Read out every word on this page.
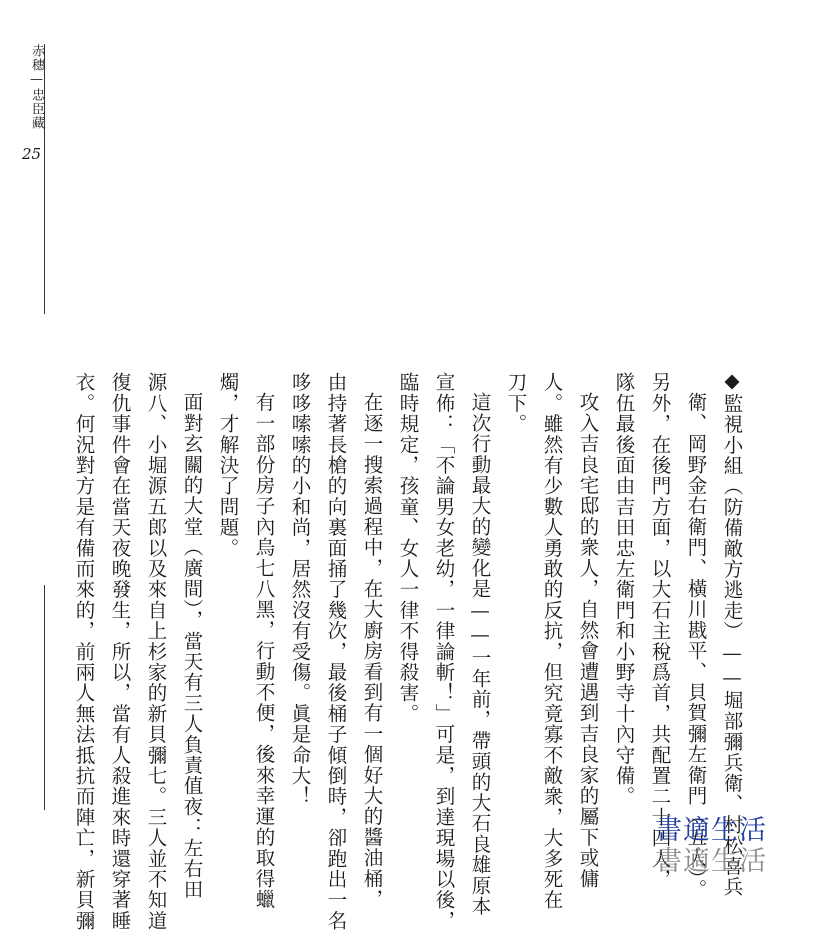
赤穗—忠臣藏
25
◆監視小組（防備敵方逃走）——堀部彌兵衛、村松喜兵
衛、岡野金右衛門、橫川戡平、貝賀彌左衛門（五人）。
另外，在後門方面，以大石主稅爲首，共配置二十四人，
隊伍最後面由吉田忠左衛門和小野寺十內守備。
攻入吉良宅邸的衆人，自然會遭遇到吉良家的屬下或傭
人。雖然有少數人勇敢的反抗，但究竟寡不敵衆，大多死在
刀下。
這次行動最大的變化是——一年前，帶頭的大石良雄原本
宣佈：「不論男女老幼，一律論斬！」可是，到達現場以後，
臨時規定，孩童、女人一律不得殺害。
在逐一搜索過程中，在大廚房看到有一個好大的醬油桶，
由持著長槍的向裏面捅了幾次，最後桶子傾倒時，卻跑出一名
哆哆嗦嗦的小和尚，居然沒有受傷。眞是命大！
有一部份房子內烏七八黑，行動不便，後來幸運的取得蠟
燭，才解決了問題。
面對玄關的大堂（廣間），當天有三人負責值夜：左右田
源八、小堀源五郎以及來自上杉家的新貝彌七。三人並不知道
復仇事件會在當天夜晚發生，所以，當有人殺進來時還穿著睡
衣。何況對方是有備而來的，前兩人無法抵抗而陣亡，新貝彌	書適生活
書適生活
